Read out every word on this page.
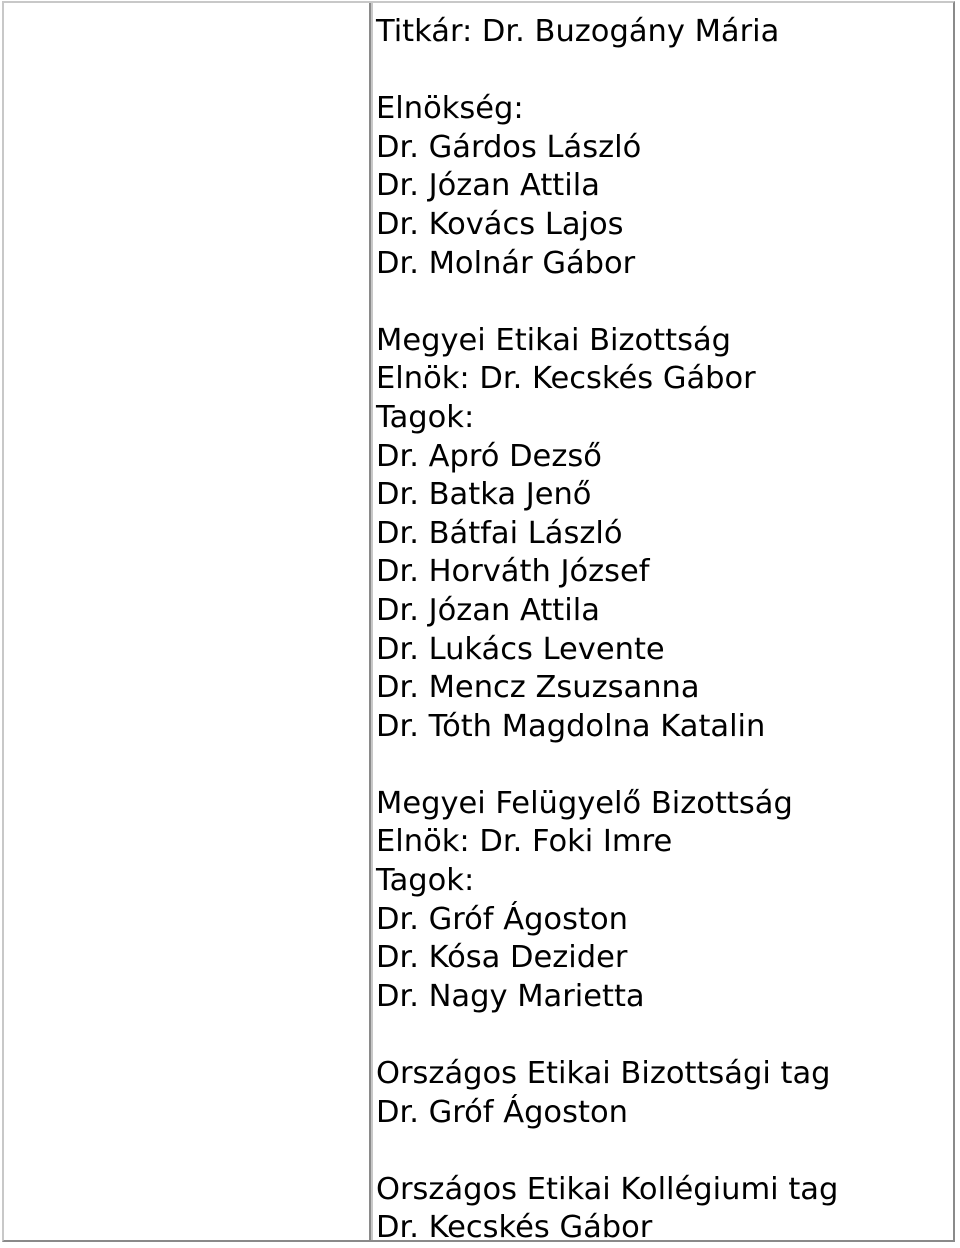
Titkár: Dr. Buzogány Mária
Elnökség:
Dr. Gárdos László
Dr. Józan Attila
Dr. Kovács Lajos
Dr. Molnár Gábor
Megyei Etikai Bizottság
Elnök: Dr. Kecskés Gábor
Tagok:
Dr. Apró Dezső
Dr. Batka Jenő
Dr. Bátfai László
Dr. Horváth József
Dr. Józan Attila
Dr. Lukács Levente
Dr. Mencz Zsuzsanna
Dr. Tóth Magdolna Katalin
Megyei Felügyelő Bizottság
Elnök: Dr. Foki Imre
Tagok:
Dr. Gróf Ágoston
Dr. Kósa Dezider
Dr. Nagy Marietta
Országos Etikai Bizottsági tag
Dr. Gróf Ágoston
Országos Etikai Kollégiumi tag
Dr. Kecskés Gábor
